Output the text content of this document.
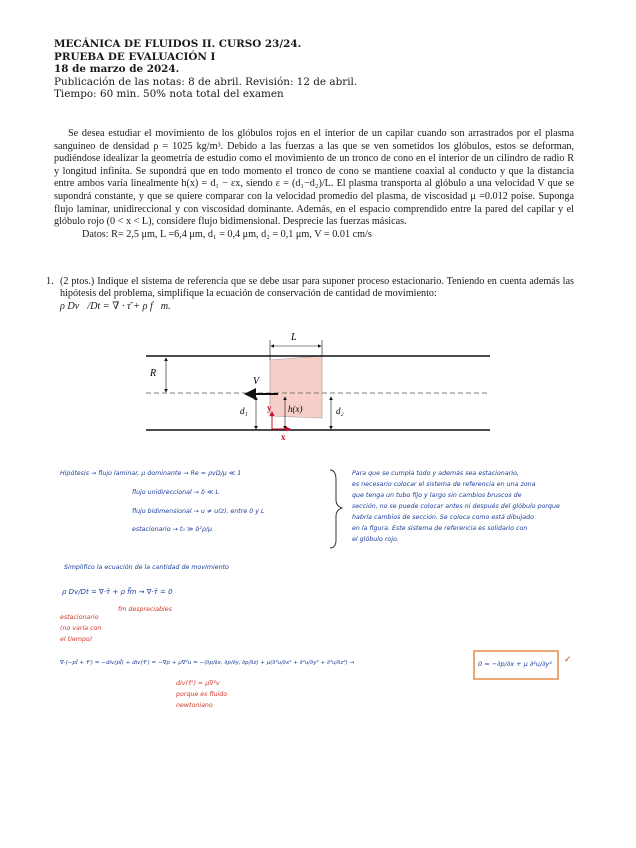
MECÁNICA DE FLUIDOS II. CURSO 23/24.
PRUEBA DE EVALUACIÓN I
18 de marzo de 2024.
Publicación de las notas: 8 de abril. Revisión: 12 de abril.
Tiempo: 60 min. 50% nota total del examen

Se desea estudiar el movimiento de los glóbulos rojos en el interior de un capilar cuando son arrastrados por el plasma sanguíneo de densidad ρ = 1025 kg/m³. Debido a las fuerzas a las que se ven sometidos los glóbulos, estos se deforman, pudiéndose idealizar la geometría de estudio como el movimiento de un tronco de cono en el interior de un cilindro de radio R y longitud infinita. Se supondrá que en todo momento el tronco de cono se mantiene coaxial al conducto y que la distancia entre ambos varía linealmente h(x) = d₁ − εx, siendo ε = (d₁−d₂)/L. El plasma transporta al glóbulo a una velocidad V que se supondrá constante, y que se quiere comparar con la velocidad promedio del plasma, de viscosidad μ =0.012 poise. Suponga flujo laminar, unidireccional y con viscosidad dominante. Además, en el espacio comprendido entre la pared del capilar y el glóbulo rojo (0 < x < L), considere flujo bidimensional. Desprecie las fuerzas másicas.

Datos: R= 2,5 μm, L =6,4 μm, d₁ = 0,4 μm, d₂ = 0,1 μm, V = 0.01 cm/s

1. (2 ptos.) Indique el sistema de referencia que se debe usar para suponer proceso estacionario. Teniendo en cuenta además las hipótesis del problema, simplifique la ecuación de conservación de cantidad de movimiento:
ρ Dv⃗/Dt = ∇ · τ̄ + ρ f⃗m.
L
R
V
d₁	h(x)	d₂
y
x
✓
Hipótesis → flujo laminar, μ dominante → Re = ρvD/μ ≪ 1
flujo unidireccional → δ ≪ L
flujo bidimensional → u ≠ u(z), entre 0 y L
estacionario → t₀ ≫ δ²ρ/μ
Para que se cumpla todo y además sea estacionario,
es necesario colocar el sistema de referencia en una zona
que tenga un tubo fijo y largo sin cambios bruscos de
sección, no se puede colocar antes ni después del glóbulo porque
habría cambios de sección. Se coloca como está dibujado
en la figura. Este sistema de referencia es solidario con
el glóbulo rojo.
Simplifico la ecuación de la cantidad de movimiento
ρ Dv/Dt = ∇·τ̄ + ρ f⃗m → ∇·τ̄ = 0
estacionario
(no varía con
el tiempo)
fm despreciables
∇·(−pĪ + τ̄') = −div(pĪ) + div(τ̄') = −∇p + μ∇²u = −(∂p/∂x, ∂p/∂y, ∂p/∂z) + μ(∂²u/∂x² + ∂²u/∂y² + ∂²u/∂z²) →	0 = −∂p/∂x + μ ∂²u/∂y²
div(τ̄') = μ∇²v
porque es fluido
newtoniano
